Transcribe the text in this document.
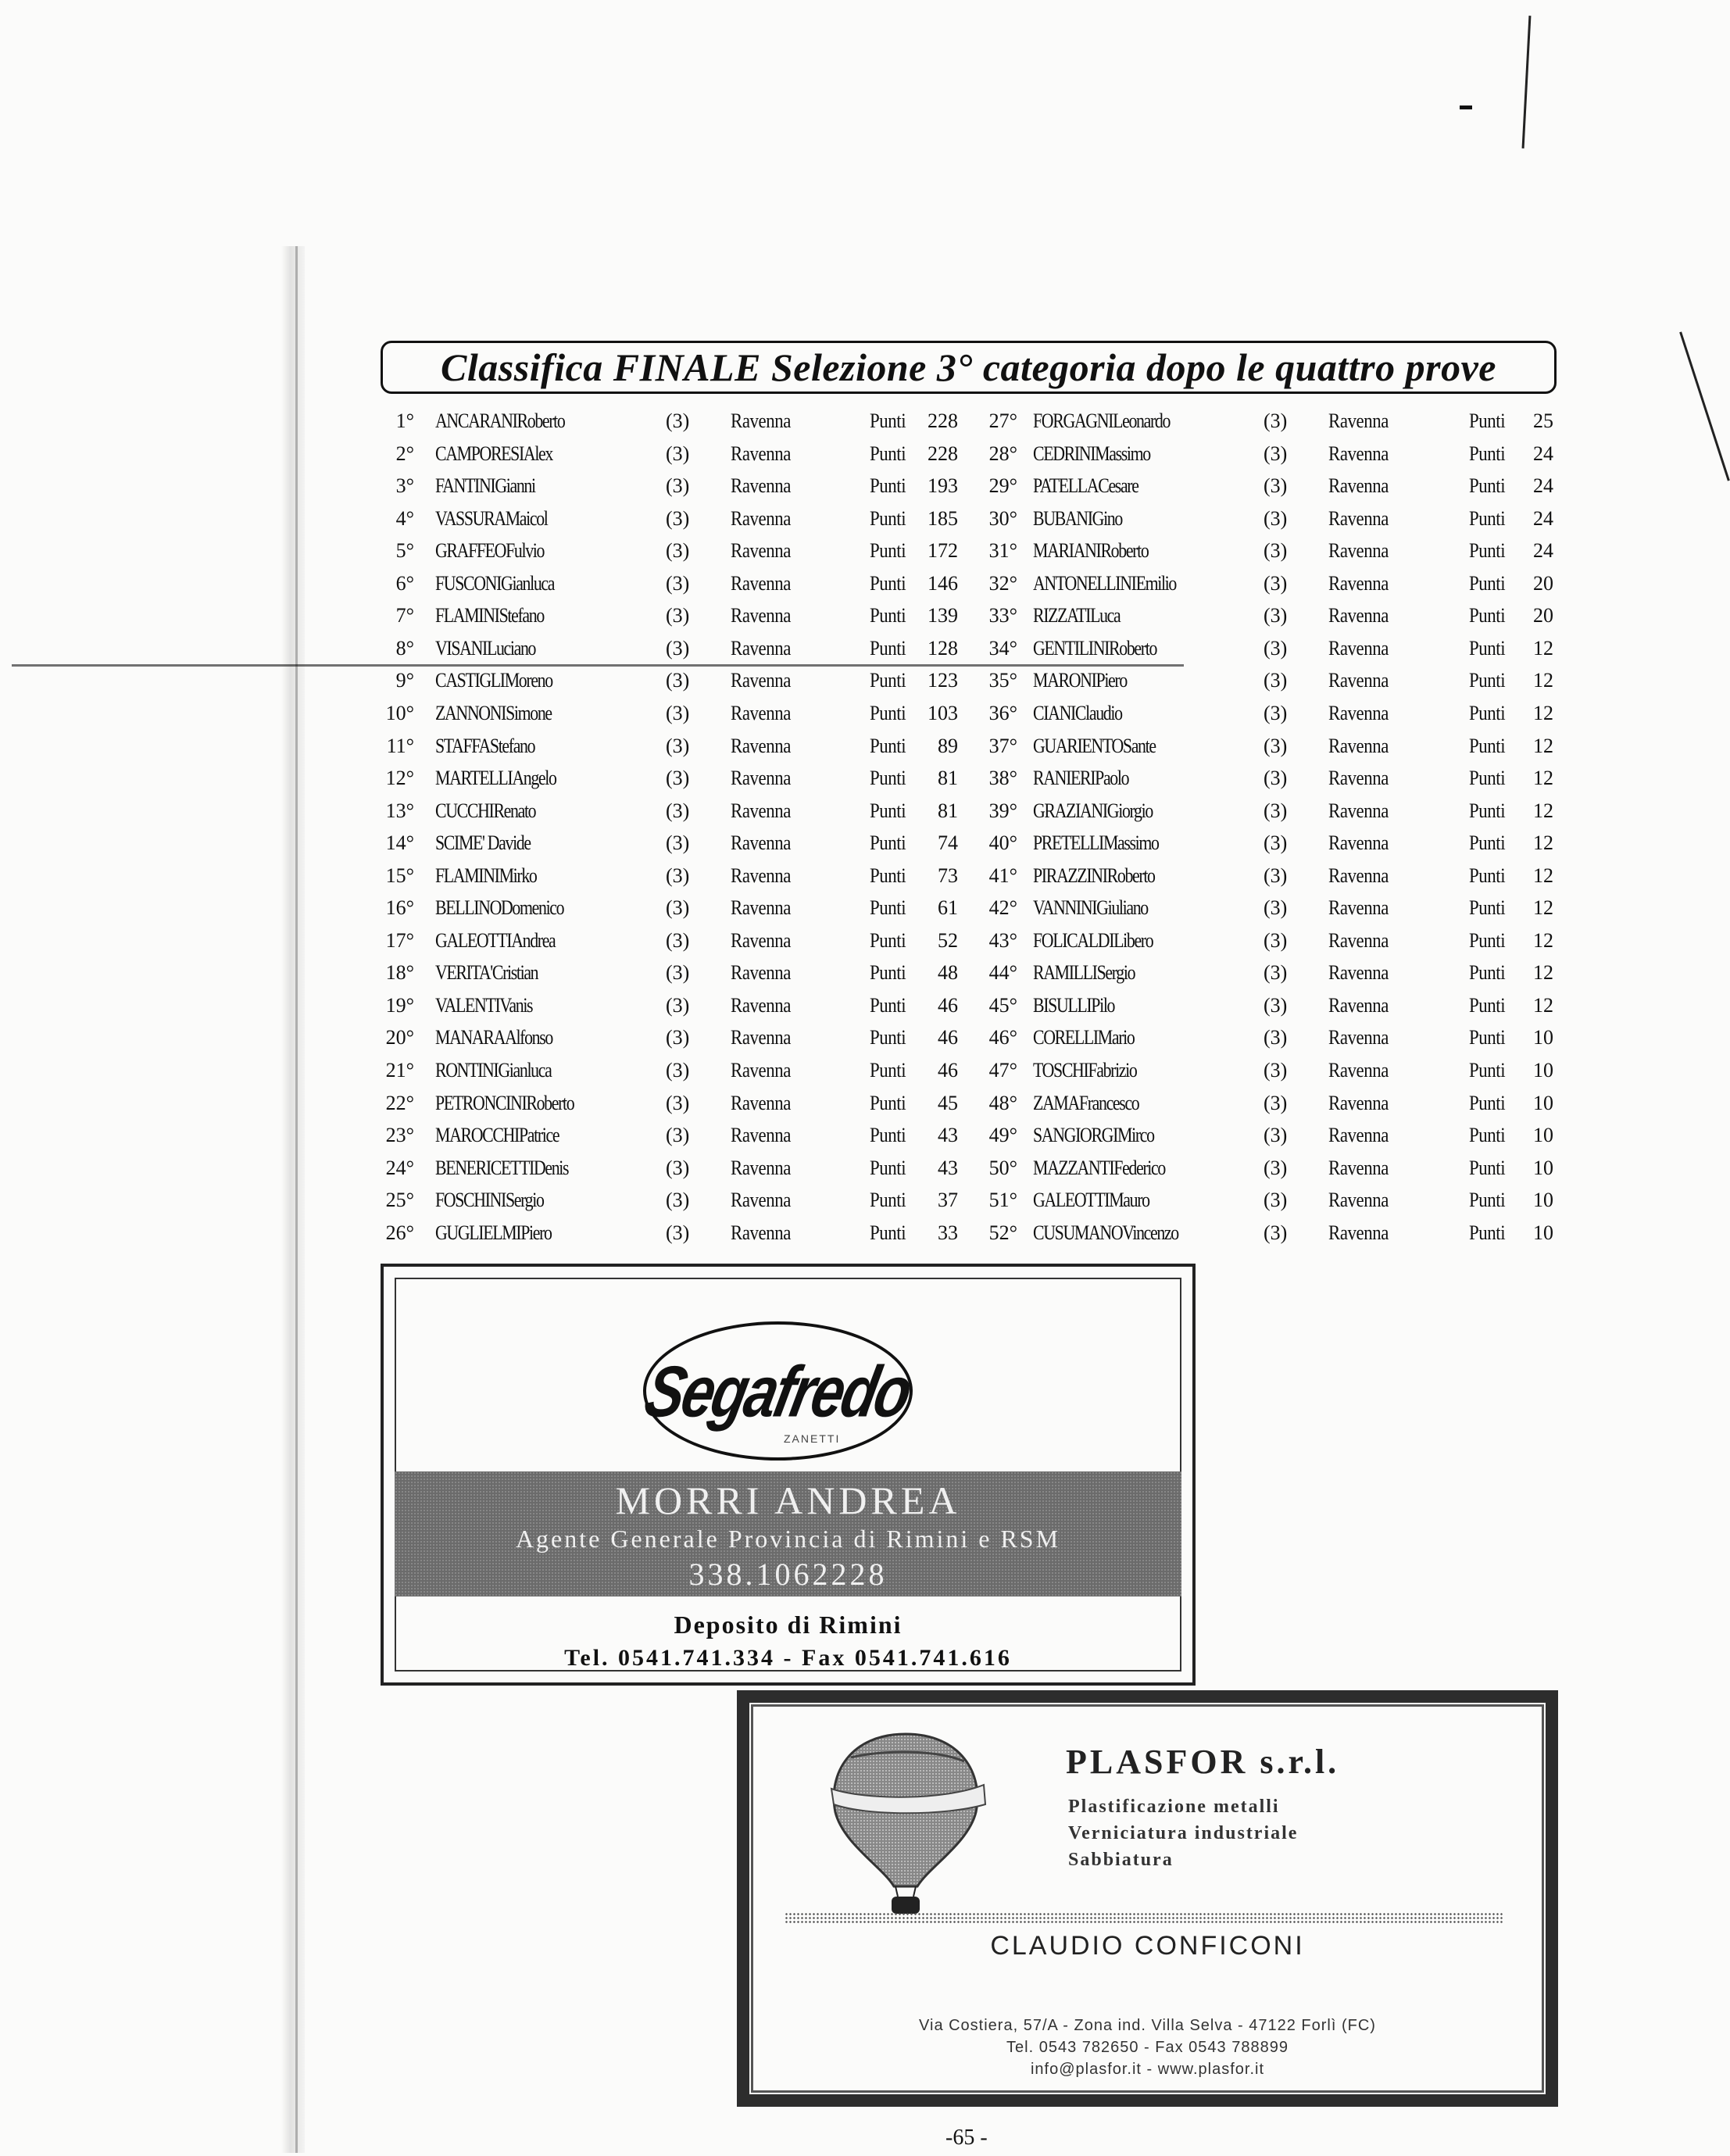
Classifica FINALE Selezione 3° categoria dopo le quattro prove
1° ANCARANIRoberto	(3) Ravenna	Punti	228
2° CAMPORESIAlex	(3) Ravenna	Punti	228
3° FANTINIGianni	(3) Ravenna	Punti	193
4° VASSURAMaicol	(3) Ravenna	Punti	185
5° GRAFFEOFulvio	(3) Ravenna	Punti	172
6° FUSCONIGianluca	(3) Ravenna	Punti	146
7° FLAMINIStefano	(3) Ravenna	Punti	139
8° VISANILuciano	(3) Ravenna	Punti	128
9° CASTIGLIMoreno	(3) Ravenna	Punti	123
10° ZANNONISimone	(3) Ravenna	Punti	103
11° STAFFAStefano	(3) Ravenna	Punti	89
12° MARTELLIAngelo	(3) Ravenna	Punti	81
13° CUCCHIRenato	(3) Ravenna	Punti	81
14° SCIME' Davide	(3) Ravenna	Punti	74
15° FLAMINIMirko	(3) Ravenna	Punti	73
16° BELLINODomenico	(3) Ravenna	Punti	61
17° GALEOTTIAndrea	(3) Ravenna	Punti	52
18° VERITA'Cristian	(3) Ravenna	Punti	48
19° VALENTIVanis	(3) Ravenna	Punti	46
20° MANARAAlfonso	(3) Ravenna	Punti	46
21° RONTINIGianluca	(3) Ravenna	Punti	46
22° PETRONCINIRoberto	(3) Ravenna	Punti	45
23° MAROCCHIPatrice	(3) Ravenna	Punti	43
24° BENERICETTIDenis	(3) Ravenna	Punti	43
25° FOSCHINISergio	(3) Ravenna	Punti	37
26° GUGLIELMIPiero	(3) Ravenna	Punti	33
27° FORGAGNILeonardo	(3) Ravenna	Punti	25
28° CEDRINIMassimo	(3) Ravenna	Punti	24
29° PATELLACesare	(3) Ravenna	Punti	24
30° BUBANIGino	(3) Ravenna	Punti	24
31° MARIANIRoberto	(3) Ravenna	Punti	24
32° ANTONELLINIEmilio	(3) Ravenna	Punti	20
33° RIZZATILuca	(3) Ravenna	Punti	20
34° GENTILINIRoberto	(3) Ravenna	Punti	12
35° MARONIPiero	(3) Ravenna	Punti	12
36° CIANIClaudio	(3) Ravenna	Punti	12
37° GUARIENTOSante	(3) Ravenna	Punti	12
38° RANIERIPaolo	(3) Ravenna	Punti	12
39° GRAZIANIGiorgio	(3) Ravenna	Punti	12
40° PRETELLIMassimo	(3) Ravenna	Punti	12
41° PIRAZZINIRoberto	(3) Ravenna	Punti	12
42° VANNINIGiuliano	(3) Ravenna	Punti	12
43° FOLICALDILibero	(3) Ravenna	Punti	12
44° RAMILLISergio	(3) Ravenna	Punti	12
45° BISULLIPilo	(3) Ravenna	Punti	12
46° CORELLIMario	(3) Ravenna	Punti	10
47° TOSCHIFabrizio	(3) Ravenna	Punti	10
48° ZAMAFrancesco	(3) Ravenna	Punti	10
49° SANGIORGIMirco	(3) Ravenna	Punti	10
50° MAZZANTIFederico	(3) Ravenna	Punti	10
51° GALEOTTIMauro	(3) Ravenna	Punti	10
52° CUSUMANOVincenzo	(3) Ravenna	Punti	10
Segafredo
ZANETTI
MORRI ANDREA
Agente Generale Provincia di Rimini e RSM
338.1062228
Deposito di Rimini
Tel. 0541.741.334 - Fax 0541.741.616
PLASFOR s.r.l.
Plastificazione metalli
Verniciatura industriale
Sabbiatura
CLAUDIO CONFICONI
Via Costiera, 57/A - Zona ind. Villa Selva - 47122 Forlì (FC)
Tel. 0543 782650 - Fax 0543 788899
info@plasfor.it - www.plasfor.it
-65 -
